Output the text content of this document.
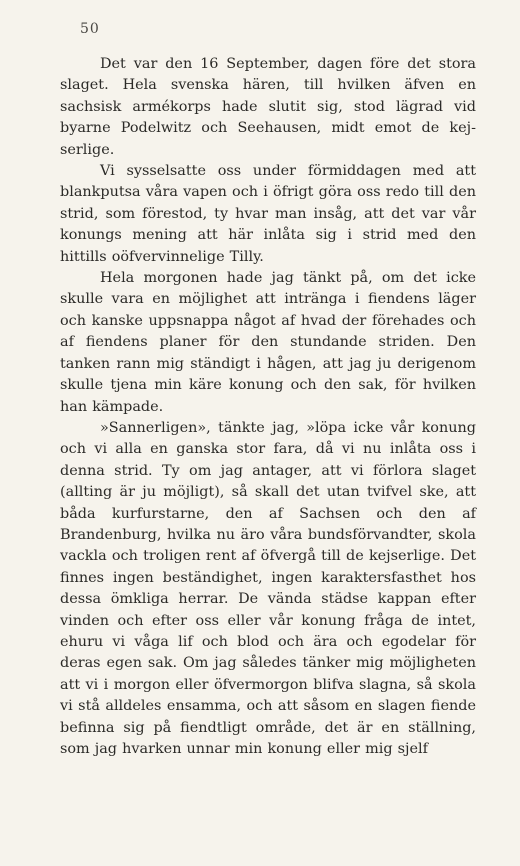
50

Det var den 16 September, dagen före det stora slaget. Hela svenska hären, till hvilken äfven en sachsisk armékorps hade slutit sig, stod lägrad vid byarne Podelwitz och Seehausen, midt emot de kejserlige.

Vi sysselsatte oss under förmiddagen med att blankputsa våra vapen och i öfrigt göra oss redo till den strid, som förestod, ty hvar man insåg, att det var vår konungs mening att här inlåta sig i strid med den hittills oöfvervinnelige Tilly.

Hela morgonen hade jag tänkt på, om det icke skulle vara en möjlighet att intränga i fiendens läger och kanske uppsnappa något af hvad der förehades och af fiendens planer för den stundande striden. Den tanken rann mig ständigt i hågen, att jag ju derigenom skulle tjena min käre konung och den sak, för hvilken han kämpade.

»Sannerligen», tänkte jag, »löpa icke vår konung och vi alla en ganska stor fara, då vi nu inlåta oss i denna strid. Ty om jag antager, att vi förlora slaget (allting är ju möjligt), så skall det utan tvifvel ske, att båda kurfurstarne, den af Sachsen och den af Brandenburg, hvilka nu äro våra bundsförvandter, skola vackla och troligen rent af öfvergå till de kejserlige. Det finnes ingen beständighet, ingen karaktersfasthet hos dessa ömkliga herrar. De vända städse kappan efter vinden och efter oss eller vår konung fråga de intet, ehuru vi våga lif och blod och ära och egodelar för deras egen sak. Om jag således tänker mig möjligheten att vi i morgon eller öfvermorgon blifva slagna, så skola vi stå alldeles ensamma, och att såsom en slagen fiende befinna sig på fiendtligt område, det är en ställning, som jag hvarken unnar min konung eller mig sjelf
